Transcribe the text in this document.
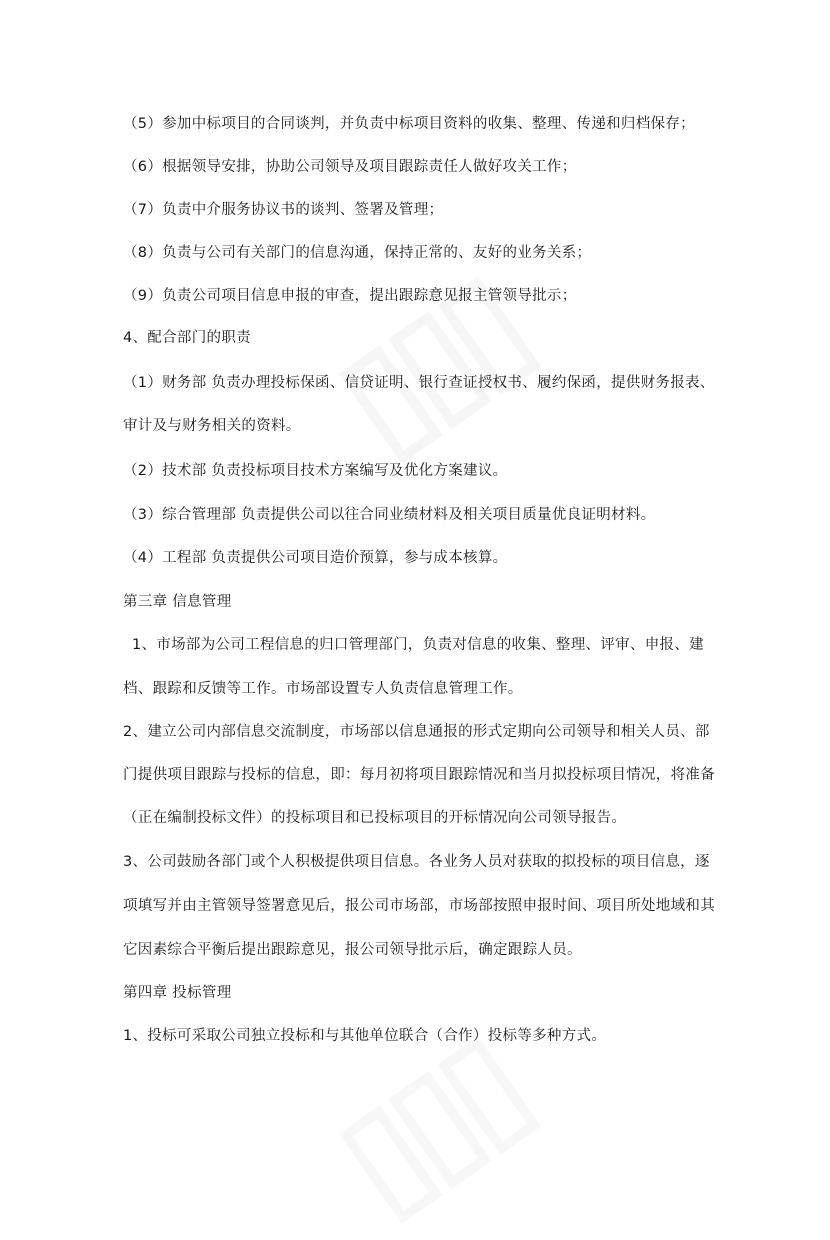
（5）参加中标项目的合同谈判，并负责中标项目资料的收集、整理、传递和归档保存；
（6）根据领导安排，协助公司领导及项目跟踪责任人做好攻关工作；
（7）负责中介服务协议书的谈判、签署及管理；
（8）负责与公司有关部门的信息沟通，保持正常的、友好的业务关系；
（9）负责公司项目信息申报的审查，提出跟踪意见报主管领导批示；
4、配合部门的职责
（1）财务部 负责办理投标保函、信贷证明、银行查证授权书、履约保函，提供财务报表、
审计及与财务相关的资料。
（2）技术部 负责投标项目技术方案编写及优化方案建议。
（3）综合管理部 负责提供公司以往合同业绩材料及相关项目质量优良证明材料。
（4）工程部 负责提供公司项目造价预算，参与成本核算。
第三章 信息管理
1、市场部为公司工程信息的归口管理部门，负责对信息的收集、整理、评审、申报、建
档、跟踪和反馈等工作。市场部设置专人负责信息管理工作。
2、建立公司内部信息交流制度，市场部以信息通报的形式定期向公司领导和相关人员、部
门提供项目跟踪与投标的信息，即：每月初将项目跟踪情况和当月拟投标项目情况，将准备
（正在编制投标文件）的投标项目和已投标项目的开标情况向公司领导报告。
3、公司鼓励各部门或个人积极提供项目信息。各业务人员对获取的拟投标的项目信息，逐
项填写并由主管领导签署意见后，报公司市场部，市场部按照申报时间、项目所处地域和其
它因素综合平衡后提出跟踪意见，报公司领导批示后，确定跟踪人员。
第四章 投标管理
1、投标可采取公司独立投标和与其他单位联合（合作）投标等多种方式。
